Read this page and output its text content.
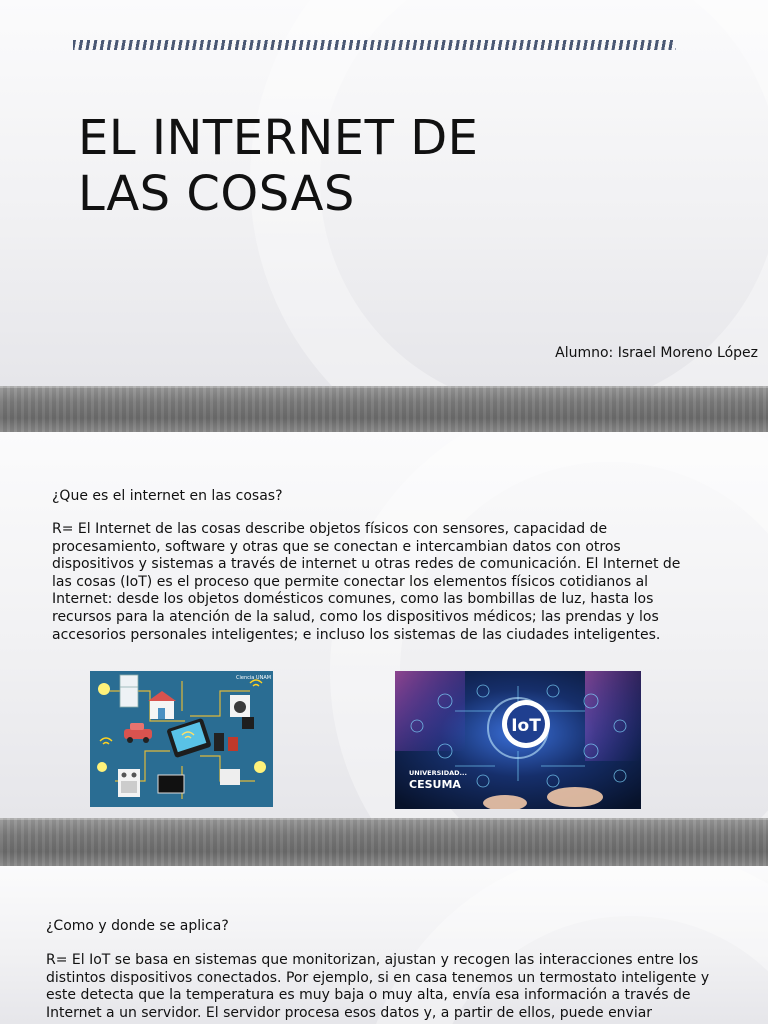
EL INTERNET DE
LAS COSAS
Alumno: Israel Moreno López

¿Que es el internet en las cosas?

R= El Internet de las cosas describe objetos físicos con sensores, capacidad de procesamiento, software y otras que se conectan e intercambian datos con otros dispositivos y sistemas a través de internet u otras redes de comunicación. El Internet de las cosas (IoT) es el proceso que permite conectar los elementos físicos cotidianos al Internet: desde los objetos domésticos comunes, como las bombillas de luz, hasta los recursos para la atención de la salud, como los dispositivos médicos; las prendas y los accesorios personales inteligentes; e incluso los sistemas de las ciudades inteligentes.

Ciencia UNAM
IoT
UNIVERSIDAD...
CESUMA

¿Como y donde se aplica?

R= El IoT se basa en sistemas que monitorizan, ajustan y recogen las interacciones entre los distintos dispositivos conectados. Por ejemplo, si en casa tenemos un termostato inteligente y este detecta que la temperatura es muy baja o muy alta, envía esa información a través de Internet a un servidor. El servidor procesa esos datos y, a partir de ellos, puede enviar
